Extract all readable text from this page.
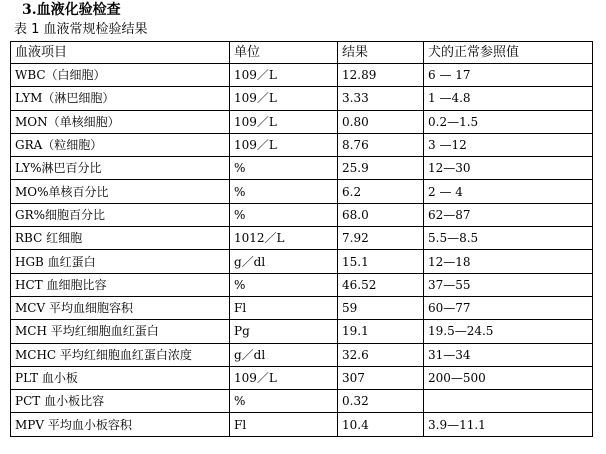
3.血液化验检查
表 1 血液常规检验结果
血液项目	单位	结果	犬的正常参照值
WBC（白细胞）	109／L	12.89	6 — 17
LYM（淋巴细胞）	109／L	3.33	1 —4.8
MON（单核细胞）	109／L	0.80	0.2—1.5
GRA（粒细胞）	109／L	8.76	3 —12
LY%淋巴百分比	%	25.9	12—30
MO%单核百分比	%	6.2	2 — 4
GR%细胞百分比	%	68.0	62—87
RBC 红细胞	1012／L	7.92	5.5—8.5
HGB 血红蛋白	g／dl	15.1	12—18
HCT 血细胞比容	%	46.52	37—55
MCV 平均血细胞容积	Fl	59	60—77
MCH 平均红细胞血红蛋白	Pg	19.1	19.5—24.5
MCHC 平均红细胞血红蛋白浓度	g／dl	32.6	31—34
PLT 血小板	109／L	307	200—500
PCT 血小板比容	%	0.32	
MPV 平均血小板容积	Fl	10.4	3.9—11.1
